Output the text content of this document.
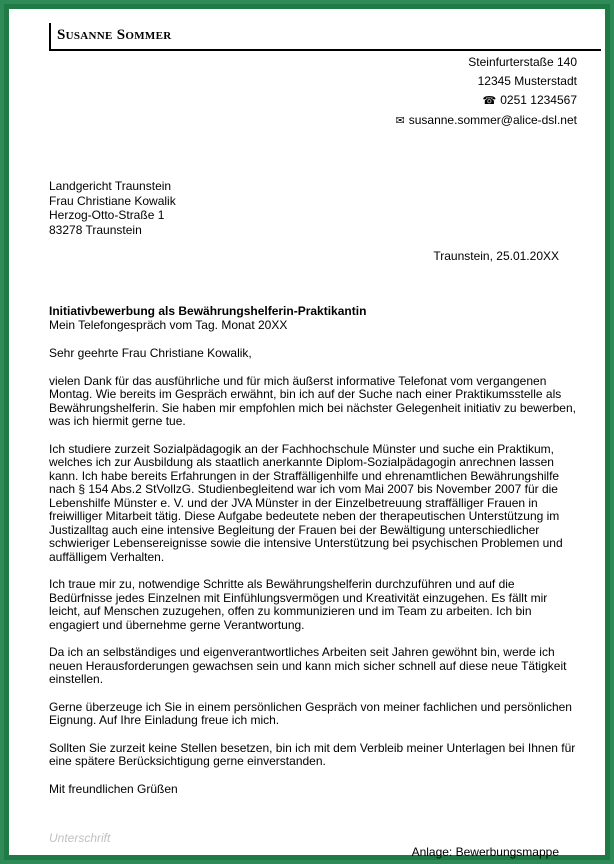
Susanne Sommer
Steinfurterstaße 140
12345 Musterstadt
☎ 0251 1234567
✉ susanne.sommer@alice-dsl.net
Landgericht Traunstein
Frau Christiane Kowalik
Herzog-Otto-Straße 1
83278 Traunstein
Traunstein, 25.01.20XX
Initiativbewerbung als Bewährungshelferin-Praktikantin
Mein Telefongespräch vom Tag. Monat 20XX

Sehr geehrte Frau Christiane Kowalik,

vielen Dank für das ausführliche und für mich äußerst informative Telefonat vom vergangenen Montag. Wie bereits im Gespräch erwähnt, bin ich auf der Suche nach einer Praktikumsstelle als Bewährungshelferin. Sie haben mir empfohlen mich bei nächster Gelegenheit initiativ zu bewerben, was ich hiermit gerne tue.

Ich studiere zurzeit Sozialpädagogik an der Fachhochschule Münster und suche ein Praktikum, welches ich zur Ausbildung als staatlich anerkannte Diplom-Sozialpädagogin anrechnen lassen kann. Ich habe bereits Erfahrungen in der Straffälligenhilfe und ehrenamtlichen Bewährungshilfe nach § 154 Abs.2 StVollzG. Studienbegleitend war ich vom Mai 2007 bis November 2007 für die Lebenshilfe Münster e. V. und der JVA Münster in der Einzelbetreuung straffälliger Frauen in freiwilliger Mitarbeit tätig. Diese Aufgabe bedeutete neben der therapeutischen Unterstützung im Justizalltag auch eine intensive Begleitung der Frauen bei der Bewältigung unterschiedlicher schwieriger Lebensereignisse sowie die intensive Unterstützung bei psychischen Problemen und auffälligem Verhalten.

Ich traue mir zu, notwendige Schritte als Bewährungshelferin durchzuführen und auf die Bedürfnisse jedes Einzelnen mit Einfühlungsvermögen und Kreativität einzugehen. Es fällt mir leicht, auf Menschen zuzugehen, offen zu kommunizieren und im Team zu arbeiten. Ich bin engagiert und übernehme gerne Verantwortung.

Da ich an selbständiges und eigenverantwortliches Arbeiten seit Jahren gewöhnt bin, werde ich neuen Herausforderungen gewachsen sein und kann mich sicher schnell auf diese neue Tätigkeit einstellen.

Gerne überzeuge ich Sie in einem persönlichen Gespräch von meiner fachlichen und persönlichen Eignung. Auf Ihre Einladung freue ich mich.

Sollten Sie zurzeit keine Stellen besetzen, bin ich mit dem Verbleib meiner Unterlagen bei Ihnen für eine spätere Berücksichtigung gerne einverstanden.

Mit freundlichen Grüßen

Unterschrift
Anlage: Bewerbungsmappe
